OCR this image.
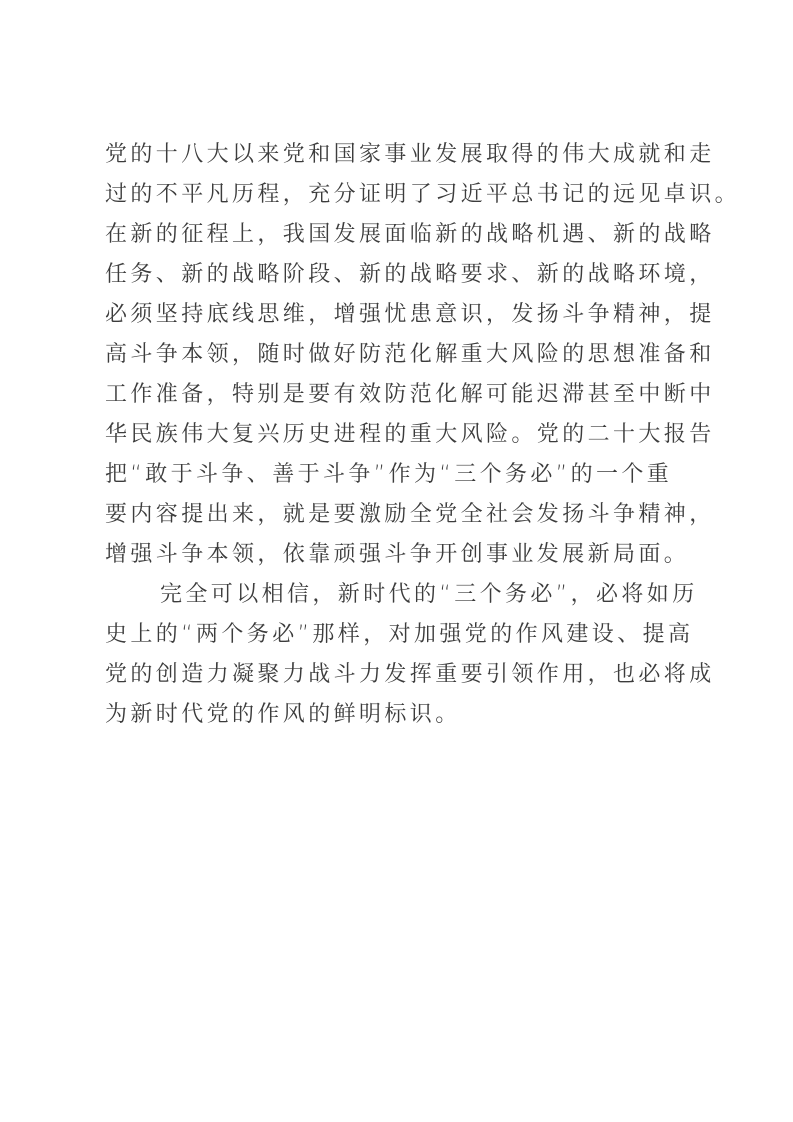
党的十八大以来党和国家事业发展取得的伟大成就和走
过的不平凡历程，充分证明了习近平总书记的远见卓识。
在新的征程上，我国发展面临新的战略机遇、新的战略
任务、新的战略阶段、新的战略要求、新的战略环境，
必须坚持底线思维，增强忧患意识，发扬斗争精神，提
高斗争本领，随时做好防范化解重大风险的思想准备和
工作准备，特别是要有效防范化解可能迟滞甚至中断中
华民族伟大复兴历史进程的重大风险。党的二十大报告
把“敢于斗争、善于斗争”作为“三个务必”的一个重
要内容提出来，就是要激励全党全社会发扬斗争精神，
增强斗争本领，依靠顽强斗争开创事业发展新局面。
完全可以相信，新时代的“三个务必”，必将如历
史上的“两个务必”那样，对加强党的作风建设、提高
党的创造力凝聚力战斗力发挥重要引领作用，也必将成
为新时代党的作风的鲜明标识。
